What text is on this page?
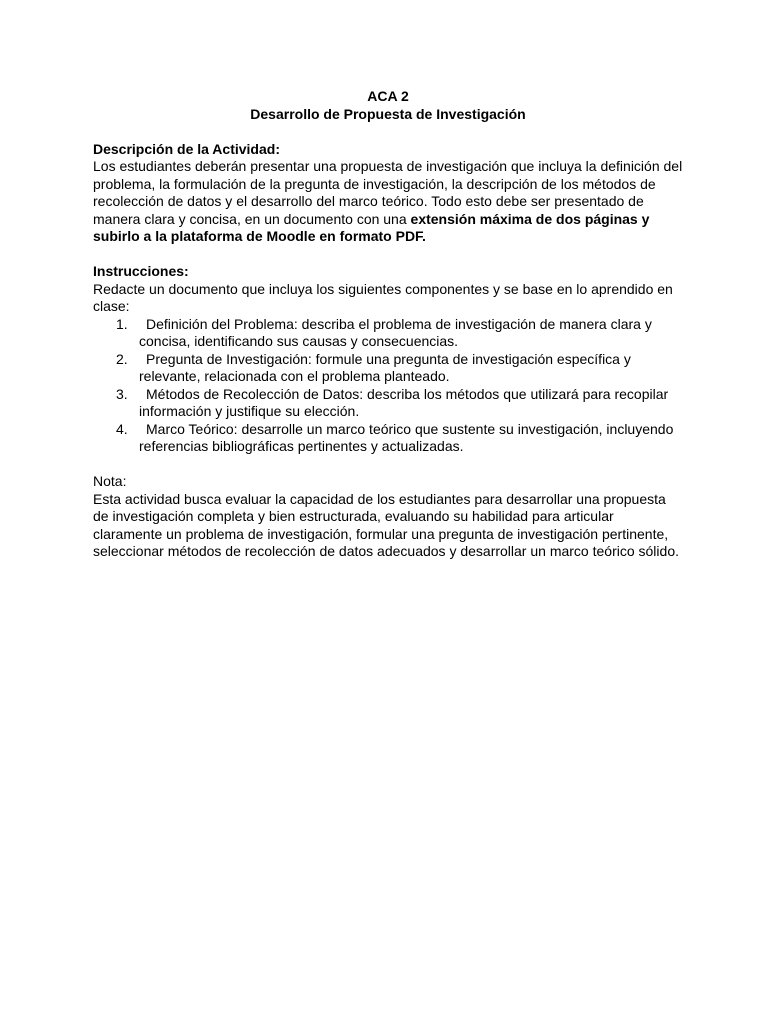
ACA 2
Desarrollo de Propuesta de Investigación
Descripción de la Actividad:

Los estudiantes deberán presentar una propuesta de investigación que incluya la definición del problema, la formulación de la pregunta de investigación, la descripción de los métodos de recolección de datos y el desarrollo del marco teórico. Todo esto debe ser presentado de manera clara y concisa, en un documento con una extensión máxima de dos páginas y subirlo a la plataforma de Moodle en formato PDF.

Instrucciones:

Redacte un documento que incluya los siguientes componentes y se base en lo aprendido en clase:

1.	Definición del Problema: describa el problema de investigación de manera clara y concisa, identificando sus causas y consecuencias.
2.	Pregunta de Investigación: formule una pregunta de investigación específica y relevante, relacionada con el problema planteado.
3.	Métodos de Recolección de Datos: describa los métodos que utilizará para recopilar información y justifique su elección.
4.	Marco Teórico: desarrolle un marco teórico que sustente su investigación, incluyendo referencias bibliográficas pertinentes y actualizadas.
Nota:

Esta actividad busca evaluar la capacidad de los estudiantes para desarrollar una propuesta de investigación completa y bien estructurada, evaluando su habilidad para articular claramente un problema de investigación, formular una pregunta de investigación pertinente, seleccionar métodos de recolección de datos adecuados y desarrollar un marco teórico sólido.
